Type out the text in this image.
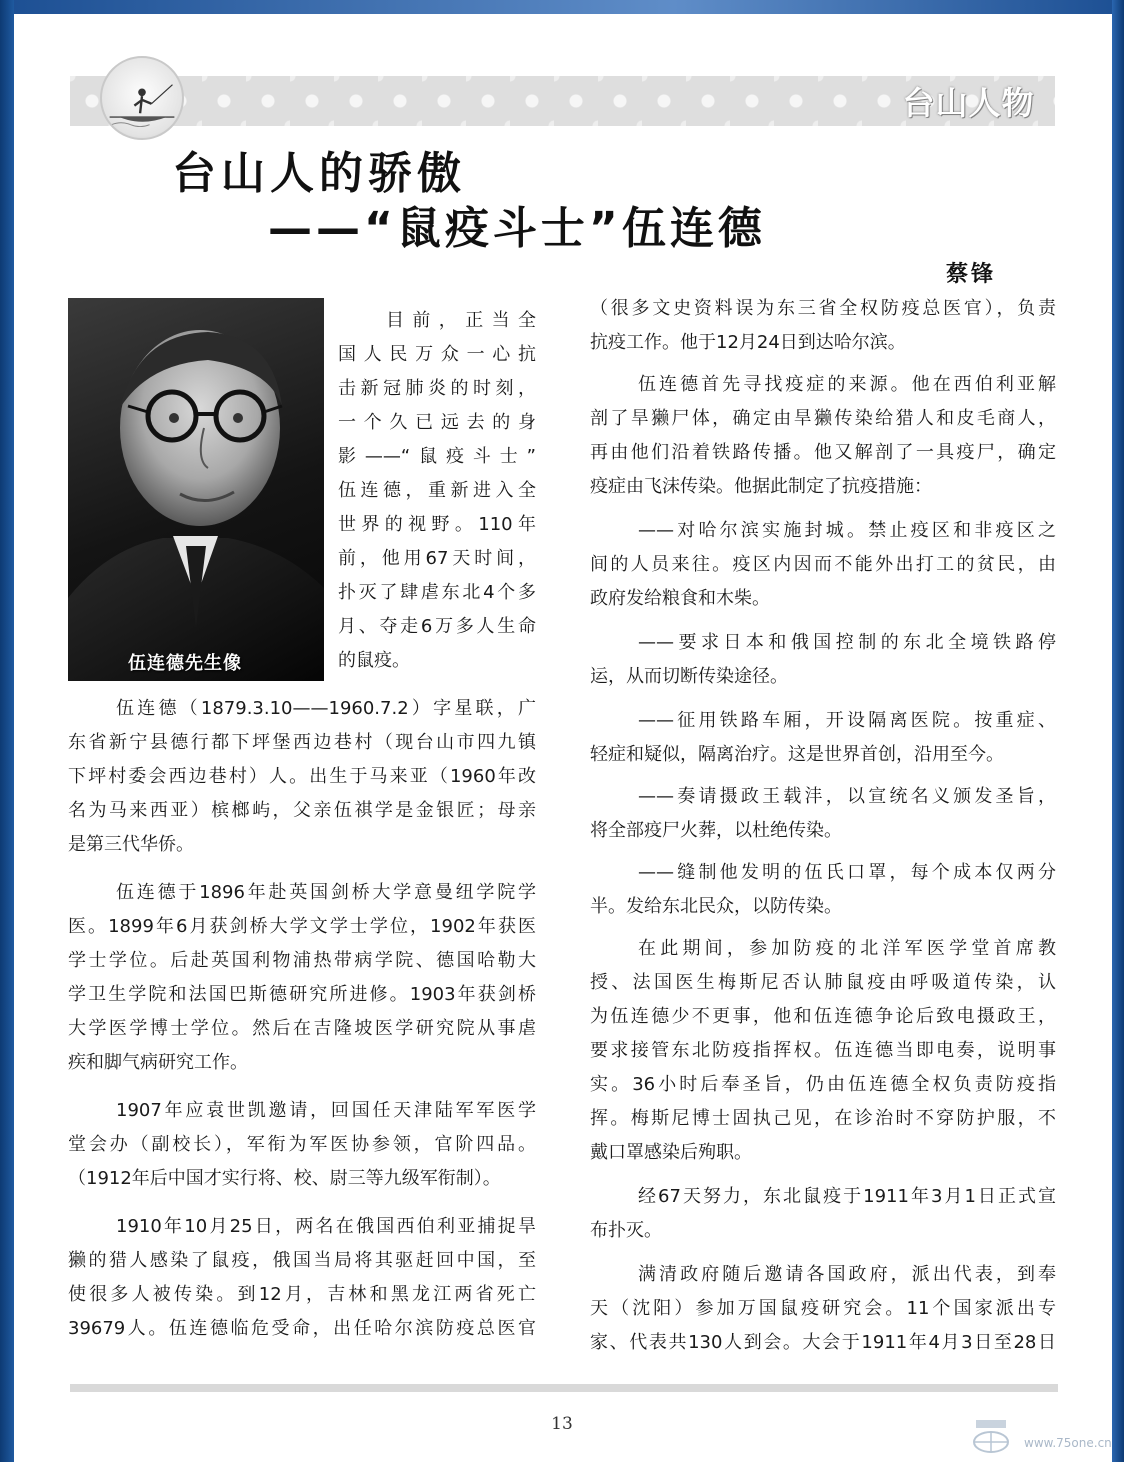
台山人物
台山人的骄傲
——“鼠疫斗士”伍连德
蔡锋
伍连德先生像
目前，正当全
国人民万众一心抗
击新冠肺炎的时刻，
一个久已远去的身
影——“鼠疫斗士”
伍连德，重新进入全
世界的视野。110年
前，他用67天时间，
扑灭了肆虐东北4个多
月、夺走6万多人生命
的鼠疫。
伍连德（1879.3.10——1960.7.2）字星联，广
东省新宁县德行都下坪堡西边巷村（现台山市四九镇
下坪村委会西边巷村）人。出生于马来亚（1960年改
名为马来西亚）槟榔屿，父亲伍祺学是金银匠；母亲
是第三代华侨。
伍连德于1896年赴英国剑桥大学意曼纽学院学
医。1899年6月获剑桥大学文学士学位，1902年获医
学士学位。后赴英国利物浦热带病学院、德国哈勒大
学卫生学院和法国巴斯德研究所进修。1903年获剑桥
大学医学博士学位。然后在吉隆坡医学研究院从事虐
疾和脚气病研究工作。
1907年应袁世凯邀请，回国任天津陆军军医学
堂会办（副校长），军衔为军医协参领，官阶四品。
（1912年后中国才实行将、校、尉三等九级军衔制）。
1910年10月25日，两名在俄国西伯利亚捕捉旱
獭的猎人感染了鼠疫，俄国当局将其驱赶回中国，至
使很多人被传染。到12月，吉林和黑龙江两省死亡
39679人。伍连德临危受命，出任哈尔滨防疫总医官
（很多文史资料误为东三省全权防疫总医官），负责
抗疫工作。他于12月24日到达哈尔滨。
伍连德首先寻找疫症的来源。他在西伯利亚解
剖了旱獭尸体，确定由旱獭传染给猎人和皮毛商人，
再由他们沿着铁路传播。他又解剖了一具疫尸，确定
疫症由飞沫传染。他据此制定了抗疫措施：
——对哈尔滨实施封城。禁止疫区和非疫区之
间的人员来往。疫区内因而不能外出打工的贫民，由
政府发给粮食和木柴。
——要求日本和俄国控制的东北全境铁路停
运，从而切断传染途径。
——征用铁路车厢，开设隔离医院。按重症、
轻症和疑似，隔离治疗。这是世界首创，沿用至今。
——奏请摄政王载沣，以宣统名义颁发圣旨，
将全部疫尸火葬，以杜绝传染。
——缝制他发明的伍氏口罩，每个成本仅两分
半。发给东北民众，以防传染。
在此期间，参加防疫的北洋军医学堂首席教
授、法国医生梅斯尼否认肺鼠疫由呼吸道传染，认
为伍连德少不更事，他和伍连德争论后致电摄政王，
要求接管东北防疫指挥权。伍连德当即电奏，说明事
实。36小时后奉圣旨，仍由伍连德全权负责防疫指
挥。梅斯尼博士固执己见，在诊治时不穿防护服，不
戴口罩感染后殉职。
经67天努力，东北鼠疫于1911年3月1日正式宣
布扑灭。
满清政府随后邀请各国政府，派出代表，到奉
天（沈阳）参加万国鼠疫研究会。11个国家派出专
家、代表共130人到会。大会于1911年4月3日至28日
13
www.75one.cn
